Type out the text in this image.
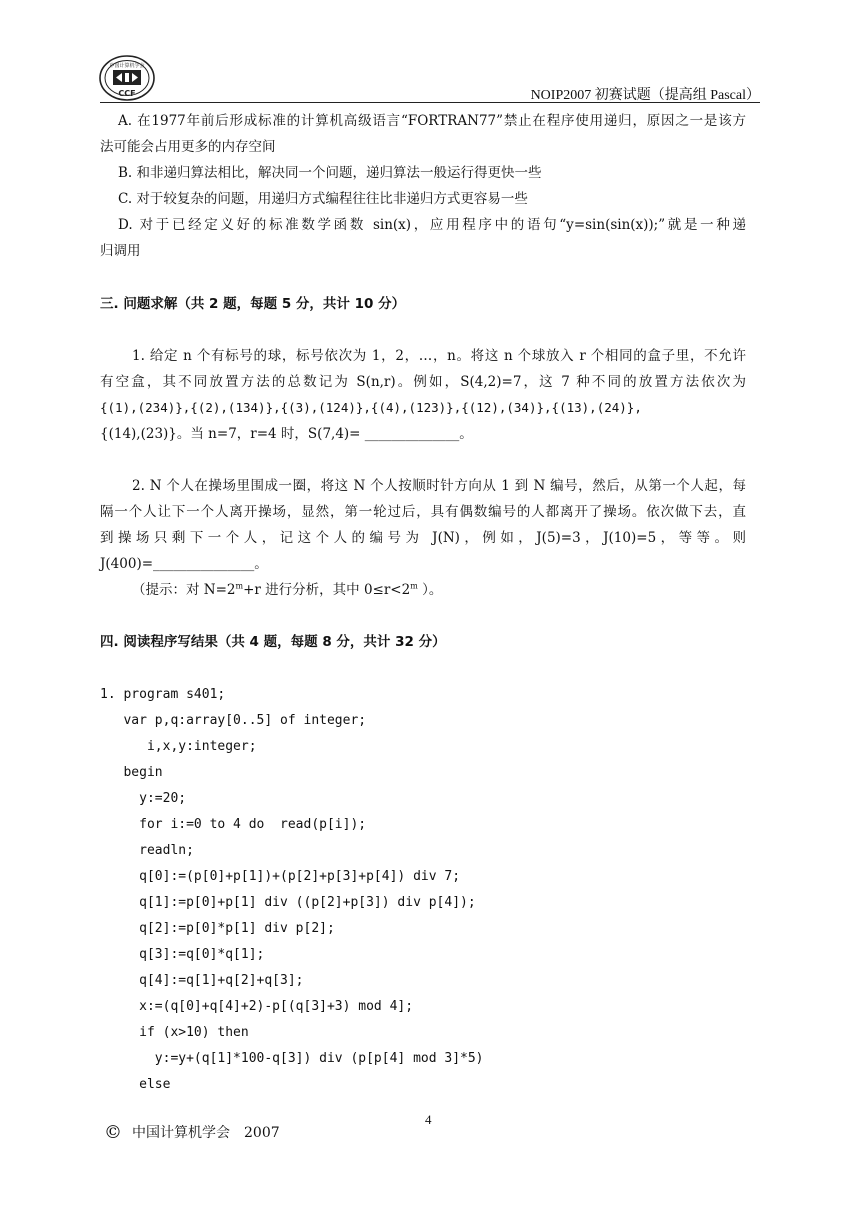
中国计算机学会
CCF	NOIP2007 初赛试题（提高组 Pascal）
A. 在1977年前后形成标准的计算机高级语言“FORTRAN77”禁止在程序使用递归，原因之一是该方
法可能会占用更多的内存空间
B. 和非递归算法相比，解决同一个问题，递归算法一般运行得更快一些
C. 对于较复杂的问题，用递归方式编程往往比非递归方式更容易一些
D. 对于已经定义好的标准数学函数 sin(x)，应用程序中的语句“y=sin(sin(x));”就是一种递
归调用
三. 问题求解（共 2 题，每题 5 分，共计 10 分）
1. 给定 n 个有标号的球，标号依次为 1，2，…，n。将这 n 个球放入 r 个相同的盒子里，不允许
有空盒，其不同放置方法的总数记为 S(n,r)。例如，S(4,2)=7，这 7 种不同的放置方法依次为
{(1),(234)},{(2),(134)},{(3),(124)},{(4),(123)},{(12),(34)},{(13),(24)},
{(14),(23)}。当 n=7，r=4 时，S(7,4)= ______________。
2. N 个人在操场里围成一圈，将这 N 个人按顺时针方向从 1 到 N 编号，然后，从第一个人起，每
隔一个人让下一个人离开操场，显然，第一轮过后，具有偶数编号的人都离开了操场。依次做下去，直
到操场只剩下一个人，记这个人的编号为 J(N)，例如，J(5)=3，J(10)=5，等等。则
J(400)=_______________。
（提示：对 $N=2^m+r$ 进行分析，其中 $0\le r<2^m$ ）。
四. 阅读程序写结果（共 4 题，每题 8 分，共计 32 分）
1. program s401;
var p,q:array[0..5] of integer;
i,x,y:integer;
begin
y:=20;
for i:=0 to 4 do  read(p[i]);
readln;
q[0]:=(p[0]+p[1])+(p[2]+p[3]+p[4]) div 7;
q[1]:=p[0]+p[1] div ((p[2]+p[3]) div p[4]);
q[2]:=p[0]*p[1] div p[2];
q[3]:=q[0]*q[1];
q[4]:=q[1]+q[2]+q[3];
x:=(q[0]+q[4]+2)-p[(q[3]+3) mod 4];
if (x>10) then
y:=y+(q[1]*100-q[3]) div (p[p[4] mod 3]*5)
else
4
© 中国计算机学会　2007
